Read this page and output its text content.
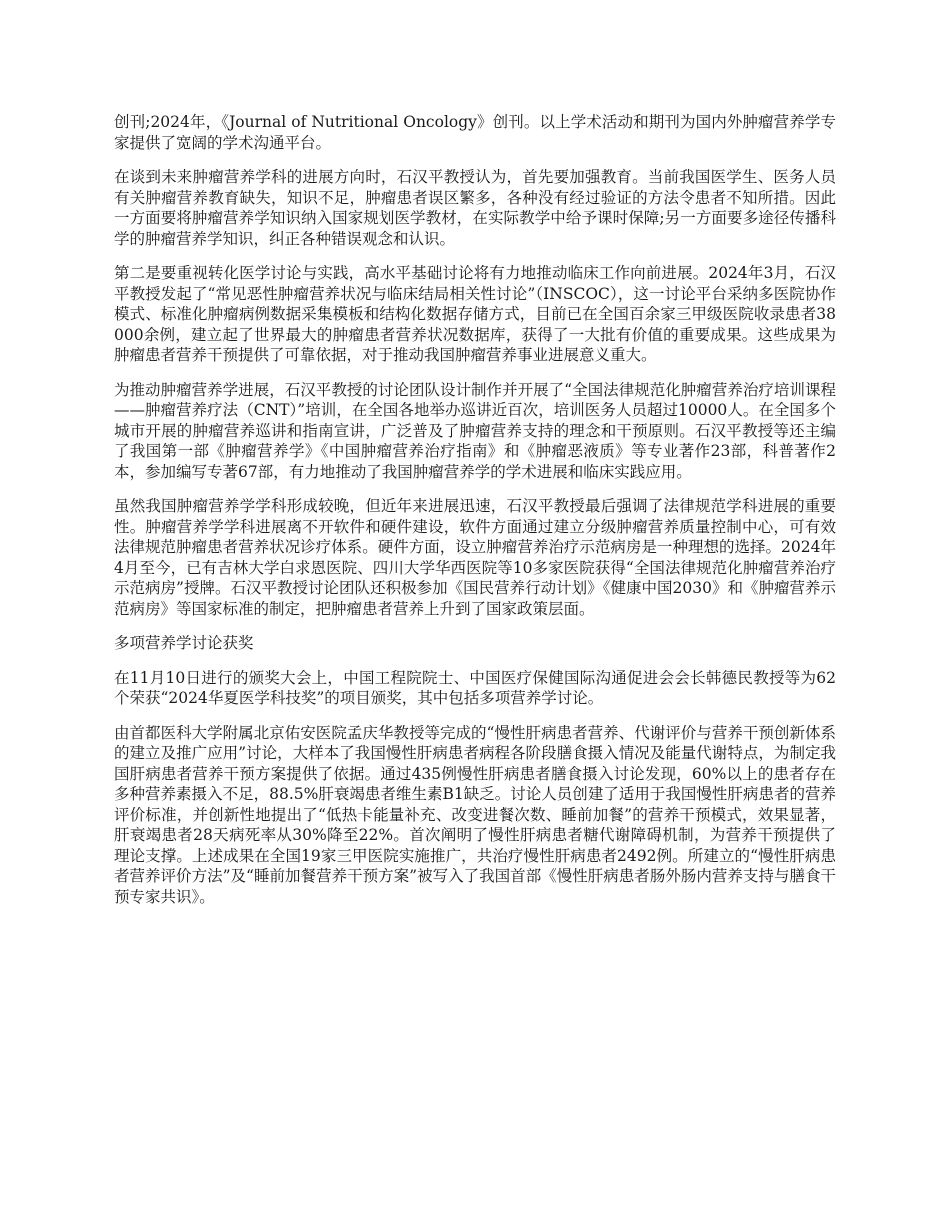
创刊;2024年，《Journal of Nutritional Oncology》创刊。以上学术活动和期刊为国内外肿瘤营养学专家提供了宽阔的学术沟通平台。

在谈到未来肿瘤营养学科的进展方向时，石汉平教授认为，首先要加强教育。当前我国医学生、医务人员有关肿瘤营养教育缺失，知识不足，肿瘤患者误区繁多，各种没有经过验证的方法令患者不知所措。因此一方面要将肿瘤营养学知识纳入国家规划医学教材，在实际教学中给予课时保障;另一方面要多途径传播科学的肿瘤营养学知识，纠正各种错误观念和认识。

第二是要重视转化医学讨论与实践，高水平基础讨论将有力地推动临床工作向前进展。2024年3月，石汉平教授发起了“常见恶性肿瘤营养状况与临床结局相关性讨论”（INSCOC），这一讨论平台采纳多医院协作模式、标准化肿瘤病例数据采集模板和结构化数据存储方式，目前已在全国百余家三甲级医院收录患者38000余例，建立起了世界最大的肿瘤患者营养状况数据库，获得了一大批有价值的重要成果。这些成果为肿瘤患者营养干预提供了可靠依据，对于推动我国肿瘤营养事业进展意义重大。

为推动肿瘤营养学进展，石汉平教授的讨论团队设计制作并开展了“全国法律规范化肿瘤营养治疗培训课程——肿瘤营养疗法（CNT）”培训，在全国各地举办巡讲近百次，培训医务人员超过10000人。在全国多个城市开展的肿瘤营养巡讲和指南宣讲，广泛普及了肿瘤营养支持的理念和干预原则。石汉平教授等还主编了我国第一部《肿瘤营养学》《中国肿瘤营养治疗指南》和《肿瘤恶液质》等专业著作23部，科普著作2本，参加编写专著67部，有力地推动了我国肿瘤营养学的学术进展和临床实践应用。

虽然我国肿瘤营养学学科形成较晚，但近年来进展迅速，石汉平教授最后强调了法律规范学科进展的重要性。肿瘤营养学学科进展离不开软件和硬件建设，软件方面通过建立分级肿瘤营养质量控制中心，可有效法律规范肿瘤患者营养状况诊疗体系。硬件方面，设立肿瘤营养治疗示范病房是一种理想的选择。2024年4月至今，已有吉林大学白求恩医院、四川大学华西医院等10多家医院获得“全国法律规范化肿瘤营养治疗示范病房”授牌。石汉平教授讨论团队还积极参加《国民营养行动计划》《健康中国2030》和《肿瘤营养示范病房》等国家标准的制定，把肿瘤患者营养上升到了国家政策层面。

多项营养学讨论获奖

在11月10日进行的颁奖大会上，中国工程院院士、中国医疗保健国际沟通促进会会长韩德民教授等为62个荣获“2024华夏医学科技奖”的项目颁奖，其中包括多项营养学讨论。

由首都医科大学附属北京佑安医院孟庆华教授等完成的“慢性肝病患者营养、代谢评价与营养干预创新体系的建立及推广应用”讨论，大样本了我国慢性肝病患者病程各阶段膳食摄入情况及能量代谢特点，为制定我国肝病患者营养干预方案提供了依据。通过435例慢性肝病患者膳食摄入讨论发现，60%以上的患者存在多种营养素摄入不足，88.5%肝衰竭患者维生素B1缺乏。讨论人员创建了适用于我国慢性肝病患者的营养评价标准，并创新性地提出了“低热卡能量补充、改变进餐次数、睡前加餐”的营养干预模式，效果显著，肝衰竭患者28天病死率从30%降至22%。首次阐明了慢性肝病患者糖代谢障碍机制，为营养干预提供了理论支撑。上述成果在全国19家三甲医院实施推广，共治疗慢性肝病患者2492例。所建立的“慢性肝病患者营养评价方法”及“睡前加餐营养干预方案”被写入了我国首部《慢性肝病患者肠外肠内营养支持与膳食干预专家共识》。
